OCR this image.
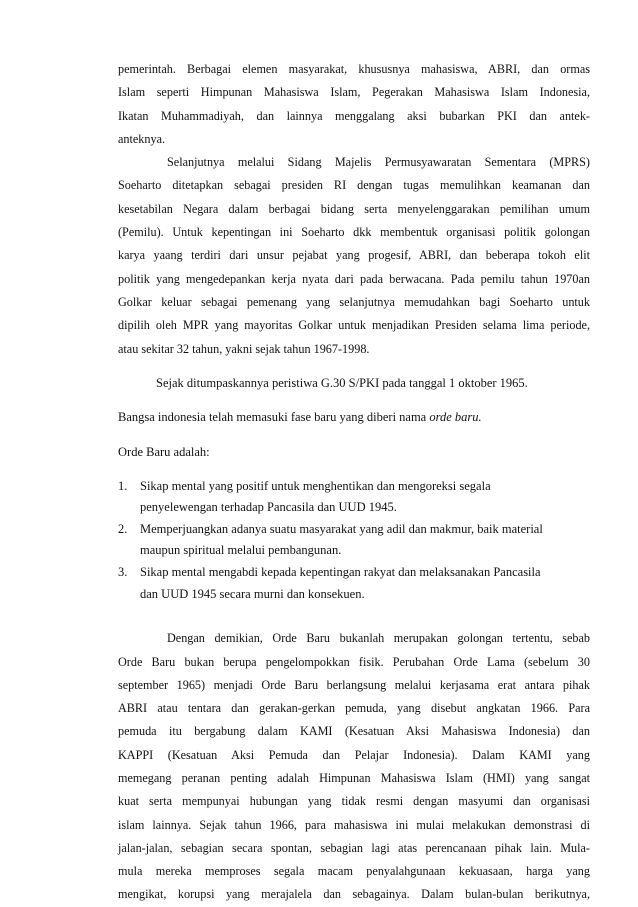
pemerintah. Berbagai elemen masyarakat, khususnya mahasiswa, ABRI, dan ormas

Islam seperti Himpunan Mahasiswa Islam, Pegerakan Mahasiswa Islam Indonesia,

Ikatan Muhammadiyah, dan lainnya menggalang aksi bubarkan PKI dan antek-

anteknya.

Selanjutnya melalui Sidang Majelis Permusyawaratan Sementara (MPRS)

Soeharto ditetapkan sebagai presiden RI dengan tugas memulihkan keamanan dan

kesetabilan Negara dalam berbagai bidang serta menyelenggarakan pemilihan umum

(Pemilu). Untuk kepentingan ini Soeharto dkk membentuk organisasi politik golongan

karya yaang terdiri dari unsur pejabat yang progesif, ABRI, dan beberapa tokoh elit

politik yang mengedepankan kerja nyata dari pada berwacana. Pada pemilu tahun 1970an

Golkar keluar sebagai pemenang yang selanjutnya memudahkan bagi Soeharto untuk

dipilih oleh MPR yang mayoritas Golkar untuk menjadikan Presiden selama lima periode,

atau sekitar 32 tahun, yakni sejak tahun 1967-1998.

Sejak ditumpaskannya peristiwa G.30 S/PKI pada tanggal 1 oktober 1965.

Bangsa indonesia telah memasuki fase baru yang diberi nama orde baru.

Orde Baru adalah:

1. Sikap mental yang positif untuk menghentikan dan mengoreksi segala
penyelewengan terhadap Pancasila dan UUD 1945.
2. Memperjuangkan adanya suatu masyarakat yang adil dan makmur, baik material
maupun spiritual melalui pembangunan.
3. Sikap mental mengabdi kepada kepentingan rakyat dan melaksanakan Pancasila
dan UUD 1945 secara murni dan konsekuen.

Dengan demikian, Orde Baru bukanlah merupakan golongan tertentu, sebab

Orde Baru bukan berupa pengelompokkan fisik. Perubahan Orde Lama (sebelum 30

september 1965) menjadi Orde Baru berlangsung melalui kerjasama erat antara pihak

ABRI atau tentara dan gerakan-gerkan pemuda, yang disebut angkatan 1966. Para

pemuda itu bergabung dalam KAMI (Kesatuan Aksi Mahasiswa Indonesia) dan

KAPPI (Kesatuan Aksi Pemuda dan Pelajar Indonesia). Dalam KAMI yang

memegang peranan penting adalah Himpunan Mahasiswa Islam (HMI) yang sangat

kuat serta mempunyai hubungan yang tidak resmi dengan masyumi dan organisasi

islam lainnya. Sejak tahun 1966, para mahasiswa ini mulai melakukan demonstrasi di

jalan-jalan, sebagian secara spontan, sebagian lagi atas perencanaan pihak lain. Mula-

mula mereka memproses segala macam penyalahgunaan kekuasaan, harga yang

mengikat, korupsi yang merajalela dan sebagainya. Dalam bulan-bulan berikutnya,
